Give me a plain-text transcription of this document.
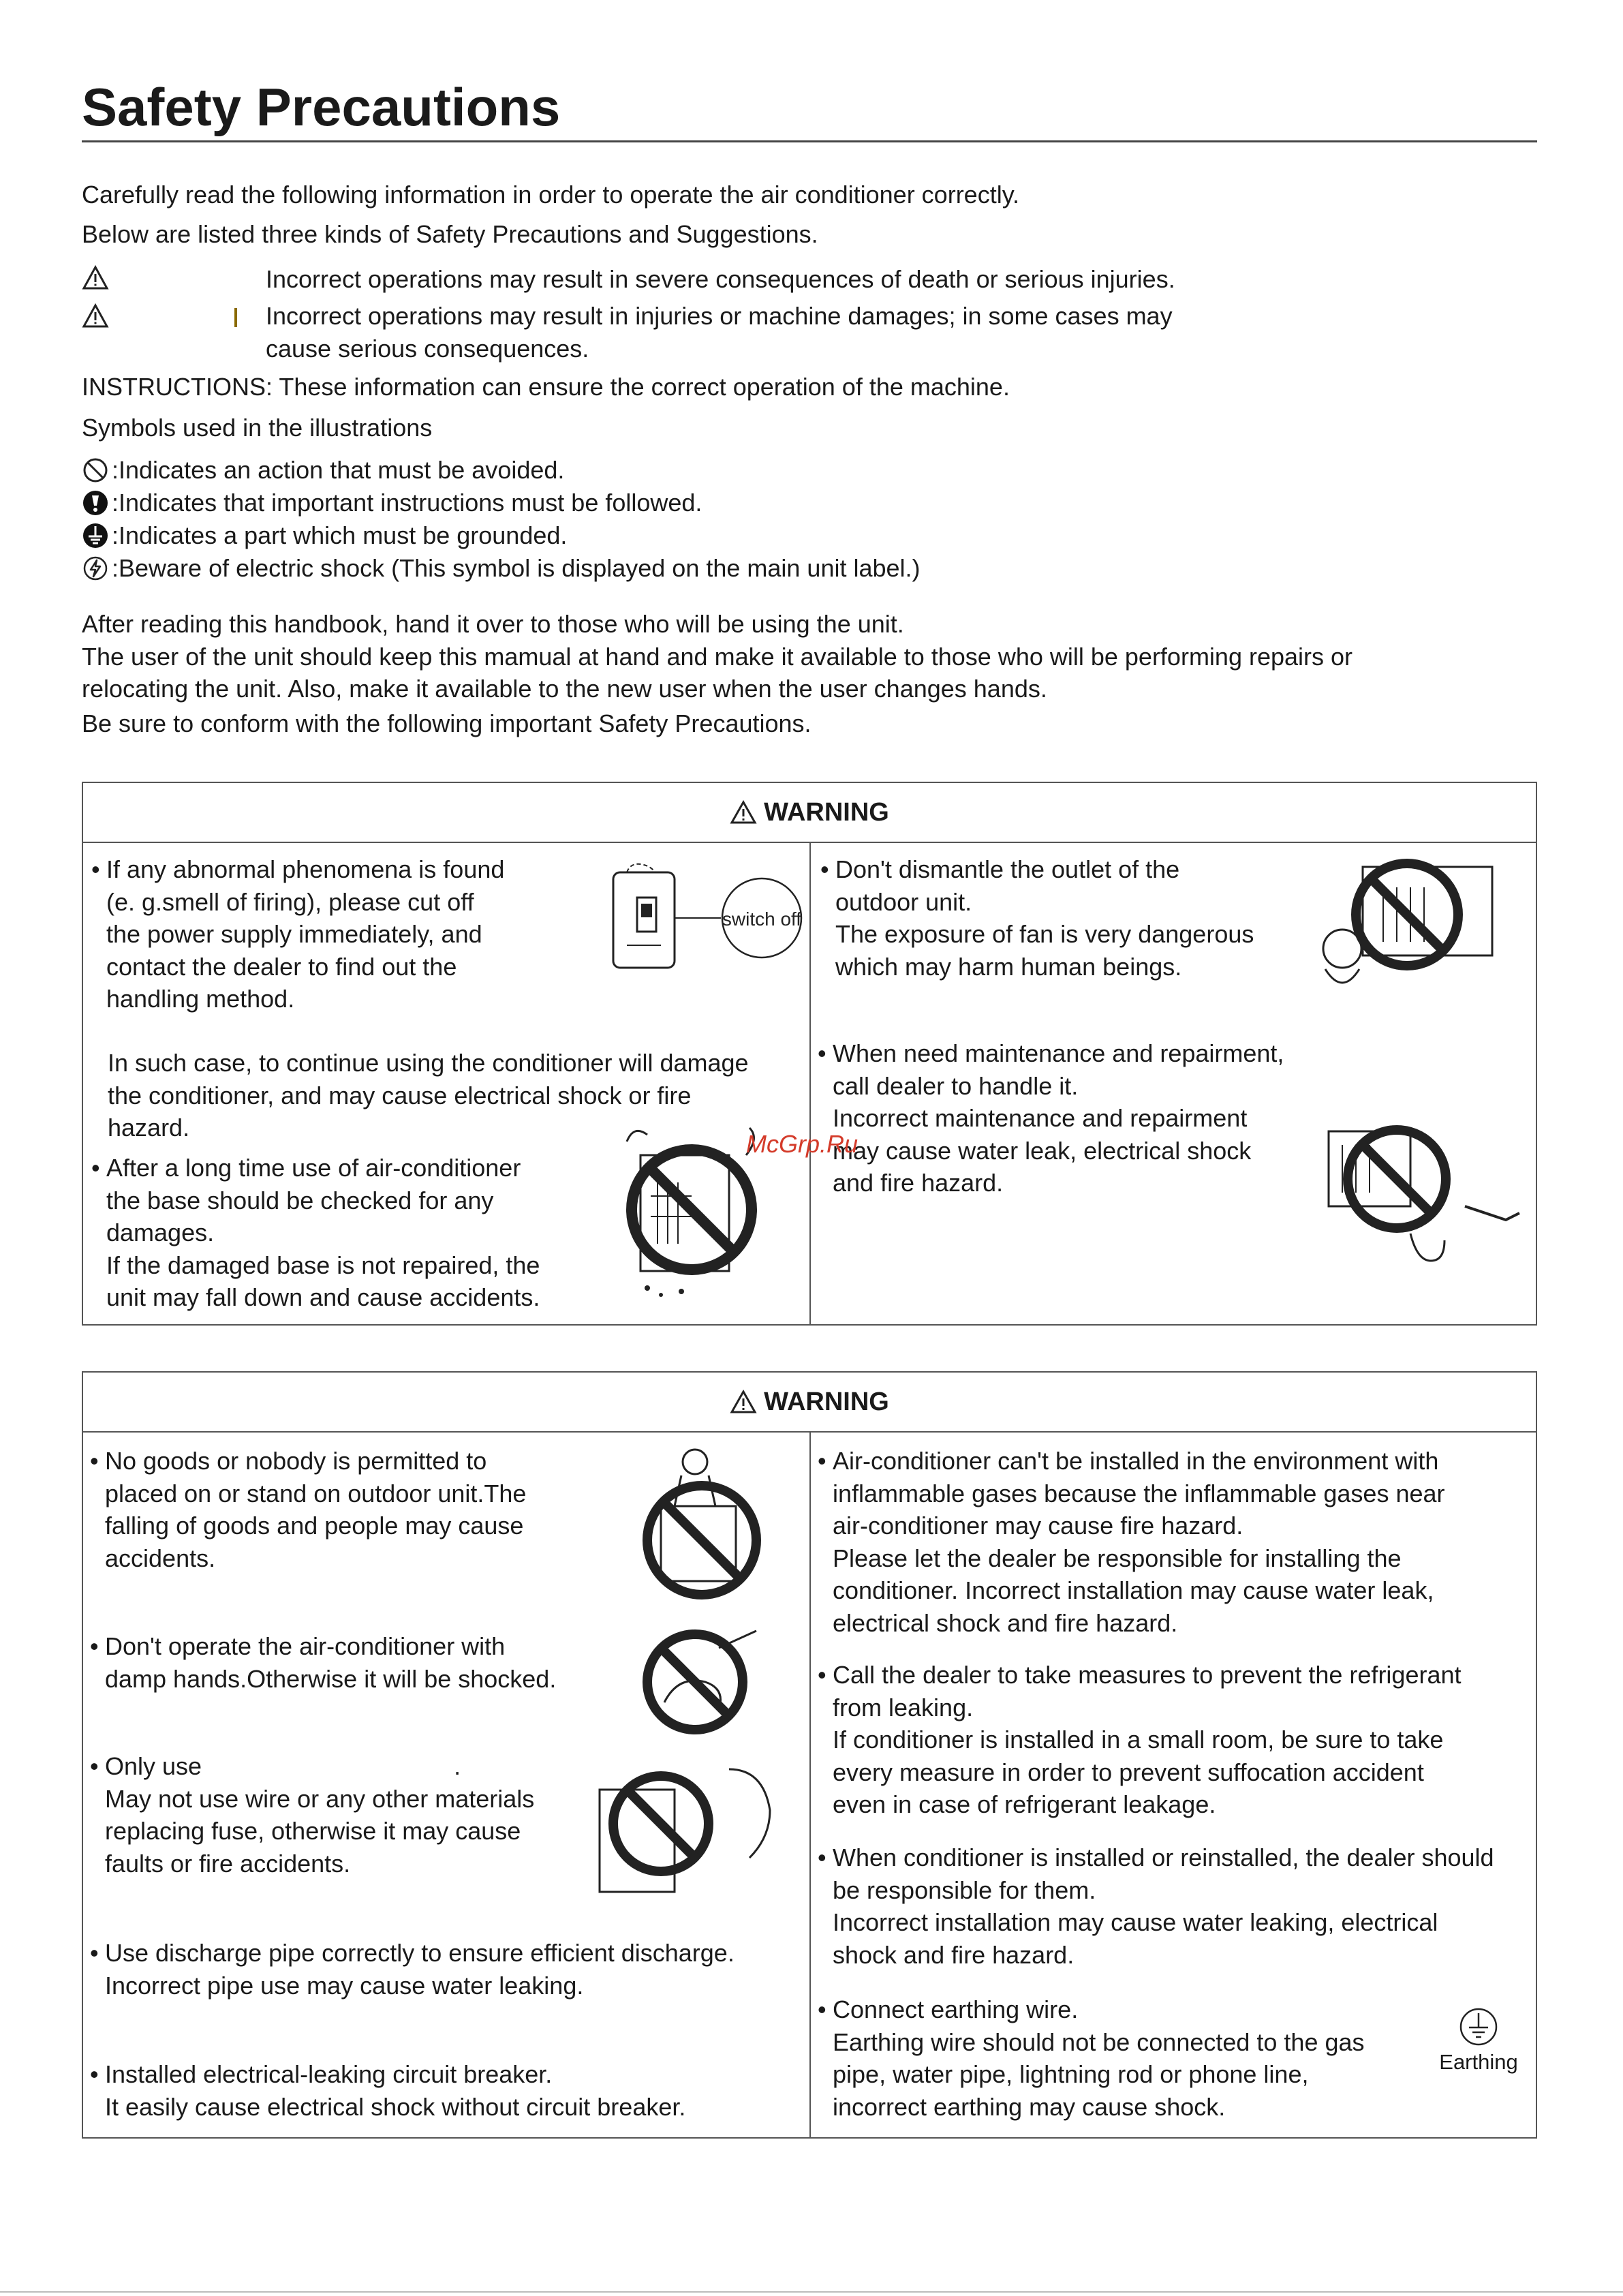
Safety Precautions

Carefully read the following information in order to operate the air conditioner correctly.

Below are listed three kinds of Safety Precautions and Suggestions.

Incorrect operations may result in severe consequences of death or serious injuries.
Incorrect operations may result in injuries or machine damages; in some cases may
cause serious consequences.

INSTRUCTIONS: These information can ensure the correct operation of the machine.

Symbols used in the illustrations

:Indicates an action that must be avoided.
:Indicates that important instructions must be followed.
:Indicates a part which must be grounded.
:Beware of electric shock (This symbol is displayed on the main unit label.)

After reading this handbook, hand it over to those who will be using the unit.

The user of the unit should keep this mamual at hand and make it available to those who will be performing repairs or

relocating the unit. Also, make it available to the new user when the user changes hands.

Be sure to conform with the following important Safety Precautions.

WARNING
• If any abnormal phenomena is found

(e. g.smell of firing), please cut off

the power supply immediately, and

contact the dealer to find out the

handling method.

In such case, to continue using the conditioner will damage

the conditioner, and may cause electrical shock or fire

hazard.

• After a long time use of air-conditioner

the base should be checked for any

damages.

If the damaged base is not repaired, the

unit may fall down and cause accidents.

switch off
• Don't dismantle the outlet of the

outdoor unit.

The exposure of fan is very dangerous

which may harm human beings.

• When need maintenance and repairment,

call dealer to handle it.

Incorrect maintenance and repairment

may cause water leak, electrical shock

and fire hazard.

McGrp.Ru
WARNING
• No goods or nobody is permitted to

placed on or stand on outdoor unit.The

falling of goods and people may cause

accidents.

• Don't operate the air-conditioner with

damp hands.Otherwise it will be shocked.

• Only use                                     .

May not use wire or any other materials

replacing fuse, otherwise it may cause

faults or fire accidents.

• Use discharge pipe correctly to ensure efficient discharge.

Incorrect pipe use may cause water leaking.

• Installed electrical-leaking circuit breaker.

It easily cause electrical shock without circuit breaker.

• Air-conditioner can't be installed in the environment with

inflammable gases because the inflammable gases near

air-conditioner may cause fire hazard.

Please let the dealer be responsible for installing the

conditioner. Incorrect installation may cause water leak,

electrical shock and fire hazard.

• Call the dealer to take measures to prevent the refrigerant

from leaking.

If conditioner is installed in a small room, be sure to take

every measure in order to prevent suffocation accident

even in case of refrigerant leakage.

• When conditioner is installed or reinstalled, the dealer should

be responsible for them.

Incorrect installation may cause water leaking, electrical

shock and fire hazard.

• Connect earthing wire.

Earthing wire should not be connected to the gas

pipe, water pipe, lightning rod or phone line,

incorrect earthing may cause shock.

Earthing
